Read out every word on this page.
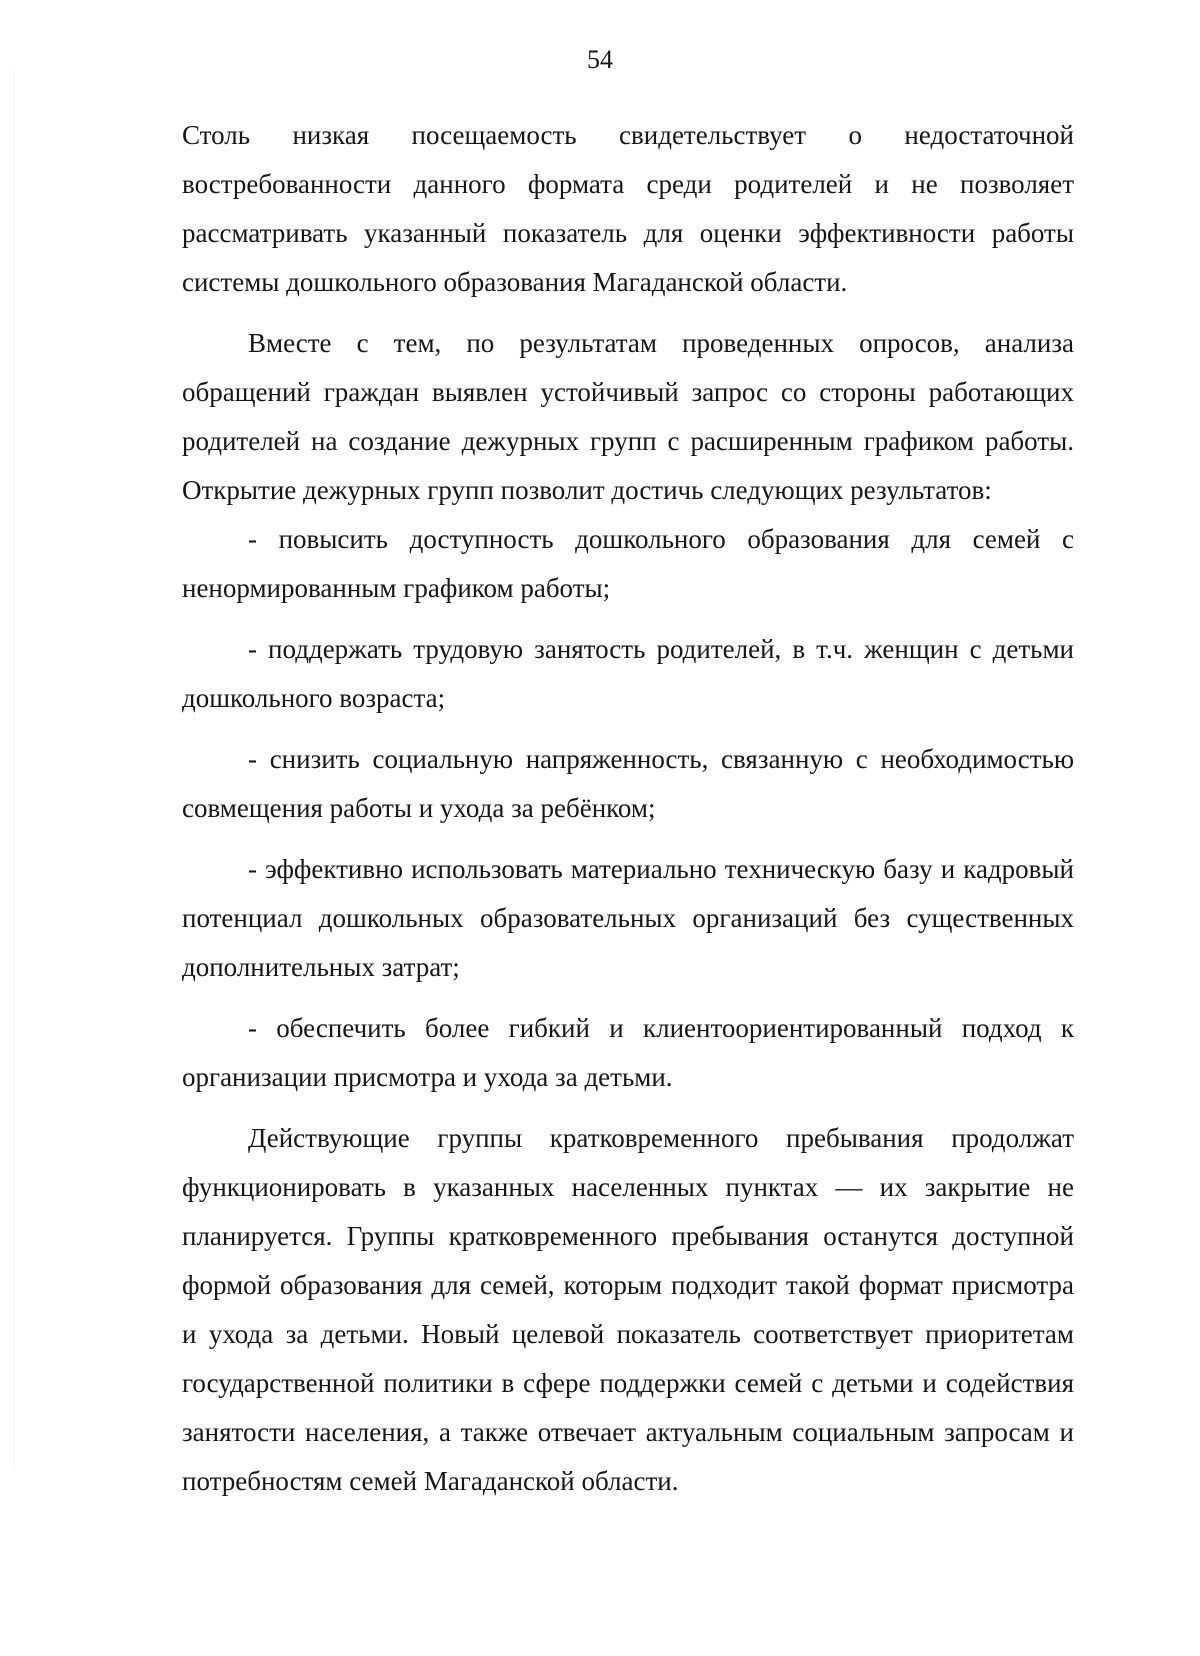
54

Столь низкая посещаемость свидетельствует о недостаточной востребованности данного формата среди родителей и не позволяет рассматривать указанный показатель для оценки эффективности работы системы дошкольного образования Магаданской области.

Вместе с тем, по результатам проведенных опросов, анализа обращений граждан выявлен устойчивый запрос со стороны работающих родителей на создание дежурных групп с расширенным графиком работы. Открытие дежурных групп позволит достичь следующих результатов:

- повысить доступность дошкольного образования для семей с ненормированным графиком работы;

- поддержать трудовую занятость родителей, в т.ч. женщин с детьми дошкольного возраста;

- снизить социальную напряженность, связанную с необходимостью совмещения работы и ухода за ребёнком;

- эффективно использовать материально техническую базу и кадровый потенциал дошкольных образовательных организаций без существенных дополнительных затрат;

- обеспечить более гибкий и клиентоориентированный подход к организации присмотра и ухода за детьми.

Действующие группы кратковременного пребывания продолжат функционировать в указанных населенных пунктах — их закрытие не планируется. Группы кратковременного пребывания останутся доступной формой образования для семей, которым подходит такой формат присмотра и ухода за детьми. Новый целевой показатель соответствует приоритетам государственной политики в сфере поддержки семей с детьми и содействия занятости населения, а также отвечает актуальным социальным запросам и потребностям семей Магаданской области.
